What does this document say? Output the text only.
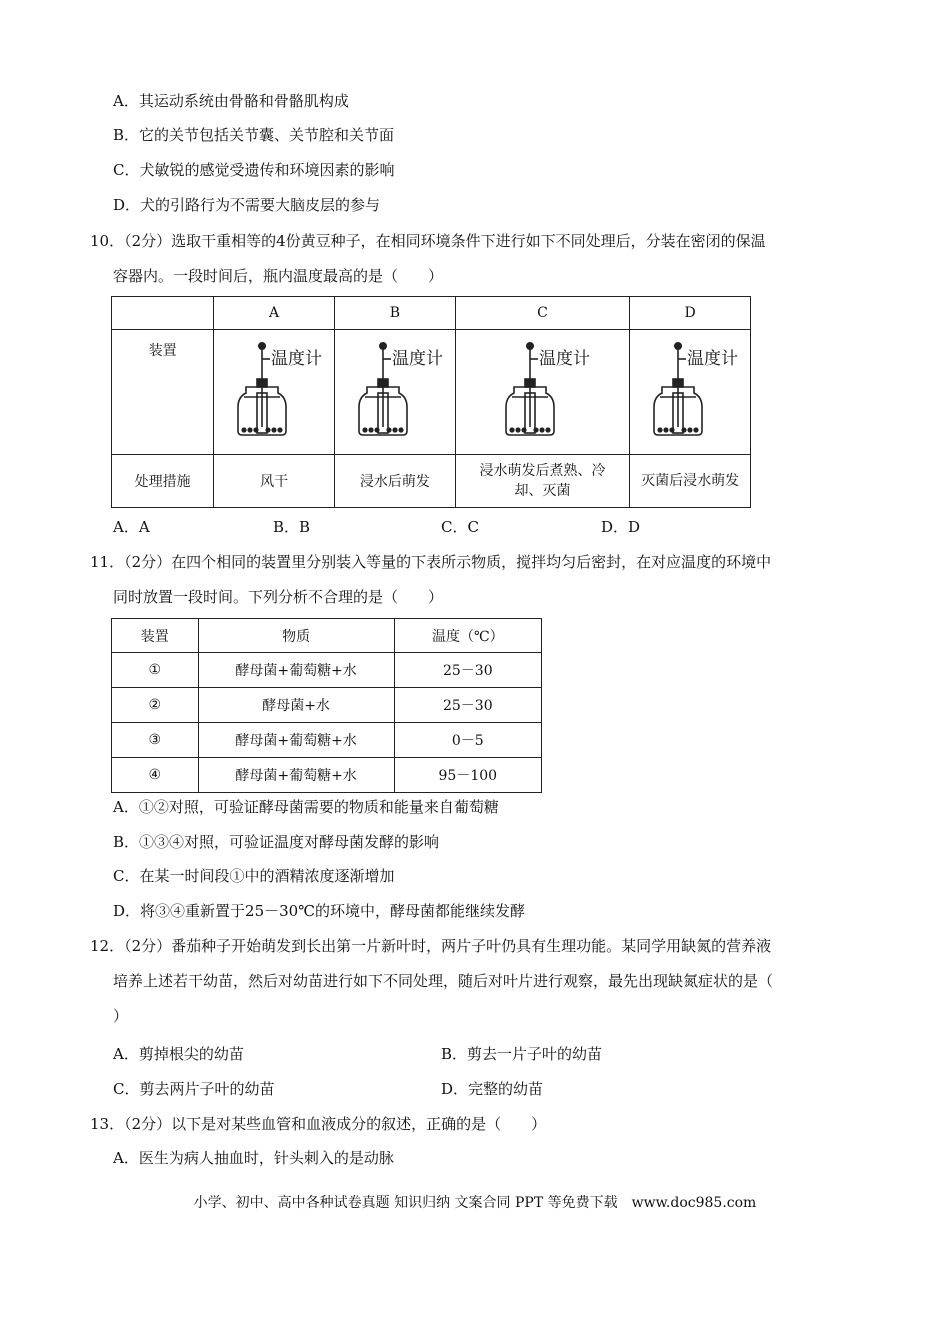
A．其运动系统由骨骼和骨骼肌构成
B．它的关节包括关节囊、关节腔和关节面
C．犬敏锐的感觉受遗传和环境因素的影响
D．犬的引路行为不需要大脑皮层的参与
10．（2分）选取干重相等的4份黄豆种子，在相同环境条件下进行如下不同处理后，分装在密闭的保温
容器内。一段时间后，瓶内温度最高的是（　　）
	A	B	C	D
装置	温度计	温度计	温度计	温度计

处理措施	风干	浸水后萌发	浸水萌发后煮熟、冷却、灭菌	灭菌后浸水萌发
A．A	B．B	C．C	D．D
11．（2分）在四个相同的装置里分别装入等量的下表所示物质，搅拌均匀后密封，在对应温度的环境中
同时放置一段时间。下列分析不合理的是（　　）
装置	物质	温度（℃）
①	酵母菌+葡萄糖+水	25－30
②	酵母菌+水	25－30
③	酵母菌+葡萄糖+水	0－5
④	酵母菌+葡萄糖+水	95－100
A．①②对照，可验证酵母菌需要的物质和能量来自葡萄糖
B．①③④对照，可验证温度对酵母菌发酵的影响
C．在某一时间段①中的酒精浓度逐渐增加
D．将③④重新置于25－30℃的环境中，酵母菌都能继续发酵
12．（2分）番茄种子开始萌发到长出第一片新叶时，两片子叶仍具有生理功能。某同学用缺氮的营养液
培养上述若干幼苗，然后对幼苗进行如下不同处理，随后对叶片进行观察，最先出现缺氮症状的是（
）
A．剪掉根尖的幼苗	B．剪去一片子叶的幼苗
C．剪去两片子叶的幼苗	D．完整的幼苗
13．（2分）以下是对某些血管和血液成分的叙述，正确的是（　　）
A．医生为病人抽血时，针头刺入的是动脉
小学、初中、高中各种试卷真题 知识归纳 文案合同 PPT 等免费下载　www.doc985.com
